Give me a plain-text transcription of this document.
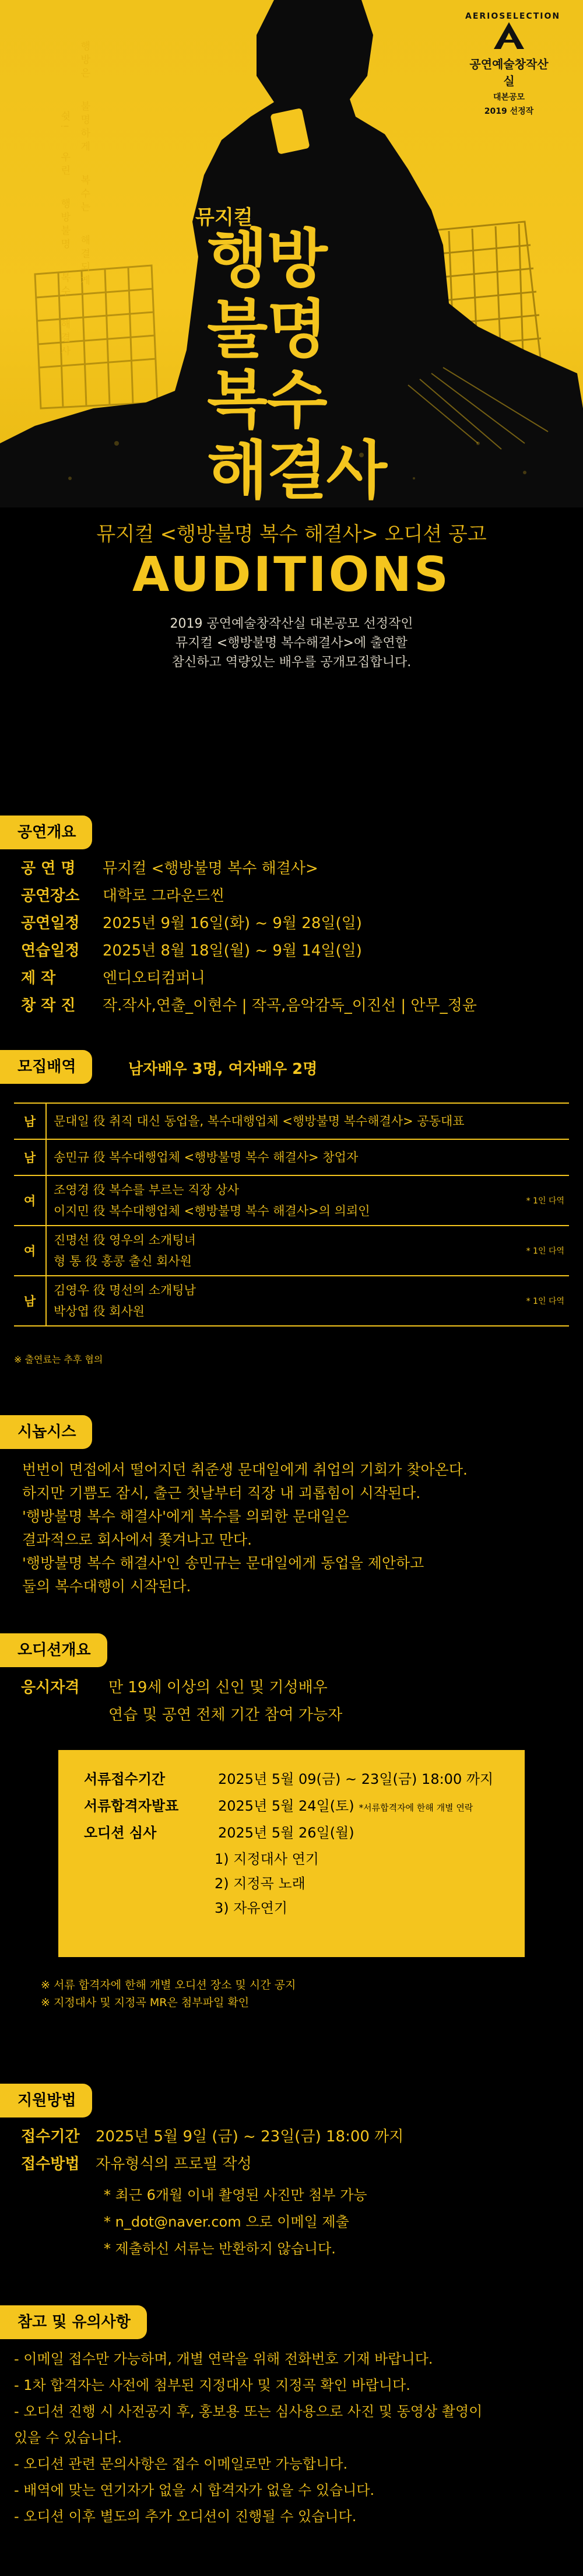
AERIOSELECTION
공연예술창작산실
대본공모
2019 선정작
행방은   불명하게   복수는   해결되게
쉿!   우린   행방불명   복수   해결사
뮤지컬
행방
불명
복수
해결사
뮤지컬 <행방불명 복수 해결사> 오디션 공고
AUDITIONS
2019 공연예술창작산실 대본공모 선정작인
뮤지컬 <행방불명 복수해결사>에 출연할
참신하고 역량있는 배우를 공개모집합니다.
공연개요
공 연 명	뮤지컬 <행방불명 복수 해결사>
공연장소	대학로 그라운드씬
공연일정	2025년 9월 16일(화) ~ 9월 28일(일)
연습일정	2025년 8월 18일(월) ~ 9월 14일(일)
제 작	엔디오티컴퍼니
창 작 진	작.작사,연출_이현수 | 작곡,음악감독_이진선 | 안무_정윤
모집배역	남자배우 3명, 여자배우 2명
남	문대일 役 취직 대신 동업을, 복수대행업체 <행방불명 복수해결사> 공동대표	

남	송민규 役 복수대행업체 <행방불명 복수 해결사> 창업자	

여	조영경 役 복수를 부르는 직장 상사
이지민 役 복수대행업체 <행방불명 복수 해결사>의 의뢰인	* 1인 다역
여	진명선 役 영우의 소개팅녀
형 통 役 홍콩 출신 회사원	* 1인 다역
남	김영우 役 명선의 소개팅남
박상엽 役 회사원	* 1인 다역
※ 출연료는 추후 협의
시놉시스
번번이 면접에서 떨어지던 취준생 문대일에게 취업의 기회가 찾아온다.
하지만 기쁨도 잠시, 출근 첫날부터 직장 내 괴롭힘이 시작된다.
'행방불명 복수 해결사'에게 복수를 의뢰한 문대일은
결과적으로 회사에서 쫓겨나고 만다.
'행방불명 복수 해결사'인 송민규는 문대일에게 동업을 제안하고
둘의 복수대행이 시작된다.
오디션개요
응시자격	만 19세 이상의 신인 및 기성배우
연습 및 공연 전체 기간 참여 가능자
서류접수기간	2025년 5월 09(금) ~ 23일(금) 18:00 까지
서류합격자발표	2025년 5월 24일(토) *서류합격자에 한해 개별 연락
오디션 심사	2025년 5월 26일(월)
1) 지정대사 연기
2) 지정곡 노래
3) 자유연기
※ 서류 합격자에 한해 개별 오디션 장소 및 시간 공지
※ 지정대사 및 지정곡 MR은 첨부파일 확인
지원방법
접수기간	2025년 5월 9일 (금) ~ 23일(금) 18:00 까지
접수방법	자유형식의 프로필 작성
* 최근 6개월 이내 촬영된 사진만 첨부 가능
* n_dot@naver.com 으로 이메일 제출
* 제출하신 서류는 반환하지 않습니다.
참고 및 유의사항
- 이메일 접수만 가능하며, 개별 연락을 위해 전화번호 기재 바랍니다.
- 1차 합격자는 사전에 첨부된 지정대사 및 지정곡 확인 바랍니다.
- 오디션 진행 시 사전공지 후, 홍보용 또는 심사용으로 사진 및 동영상 촬영이
있을 수 있습니다.
- 오디션 관련 문의사항은 접수 이메일로만 가능합니다.
- 배역에 맞는 연기자가 없을 시 합격자가 없을 수 있습니다.
- 오디션 이후 별도의 추가 오디션이 진행될 수 있습니다.
